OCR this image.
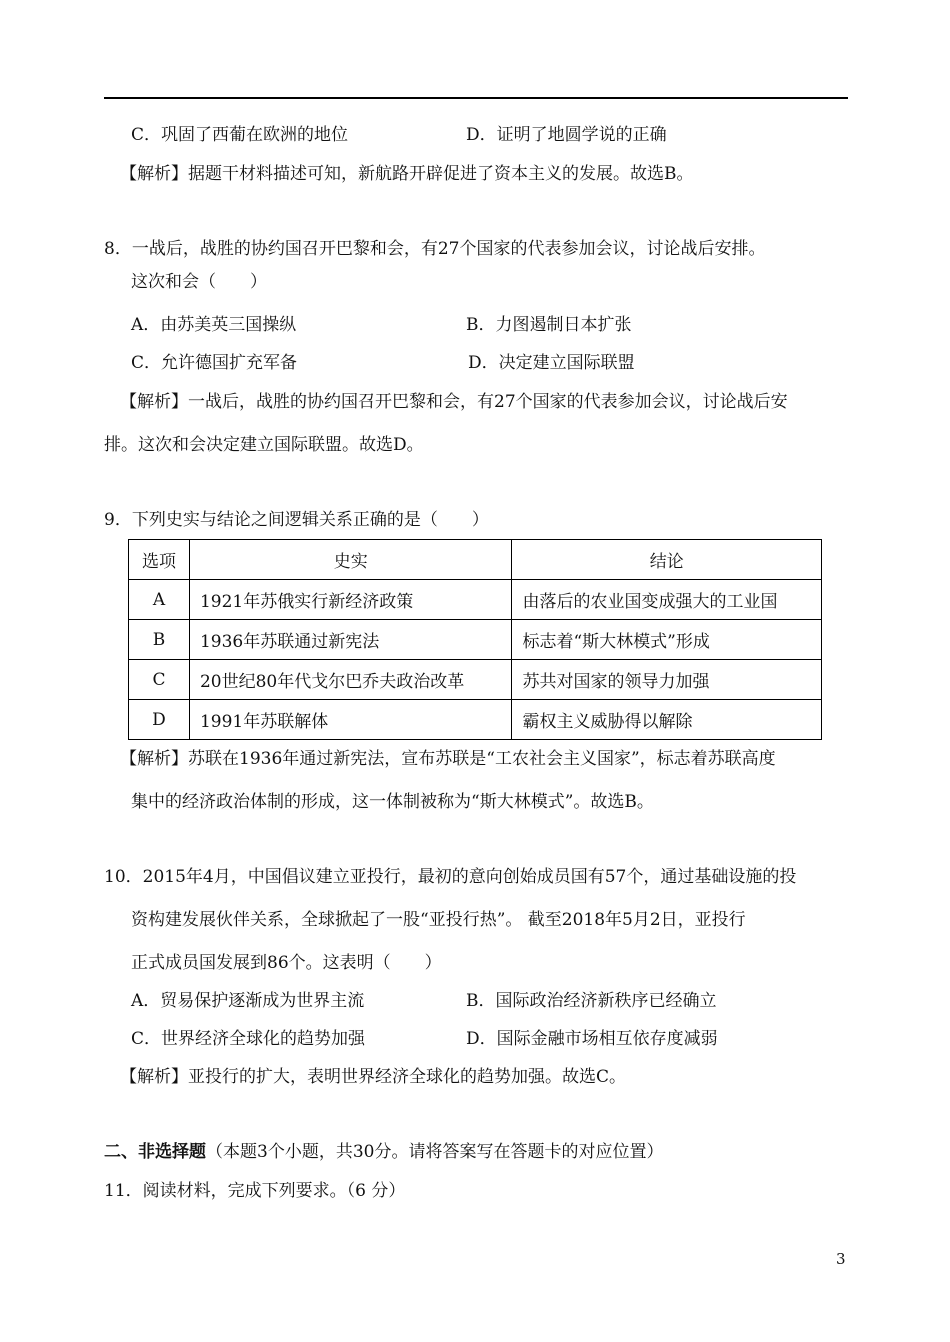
C．巩固了西葡在欧洲的地位	D．证明了地圆学说的正确
【解析】据题干材料描述可知，新航路开辟促进了资本主义的发展。故选B。
8．一战后，战胜的协约国召开巴黎和会，有27个国家的代表参加会议，讨论战后安排。
这次和会（　　）
A．由苏美英三国操纵	B．力图遏制日本扩张
C．允许德国扩充军备	D．决定建立国际联盟
【解析】一战后，战胜的协约国召开巴黎和会，有27个国家的代表参加会议，讨论战后安
排。这次和会决定建立国际联盟。故选D。
9．下列史实与结论之间逻辑关系正确的是（　　）
选项	史实	结论
A	1921年苏俄实行新经济政策	由落后的农业国变成强大的工业国
B	1936年苏联通过新宪法	标志着“斯大林模式”形成
C	20世纪80年代戈尔巴乔夫政治改革	苏共对国家的领导力加强
D	1991年苏联解体	霸权主义威胁得以解除
【解析】苏联在1936年通过新宪法，宣布苏联是“工农社会主义国家”，标志着苏联高度
集中的经济政治体制的形成，这一体制被称为“斯大林模式”。故选B。
10．2015年4月，中国倡议建立亚投行，最初的意向创始成员国有57个，通过基础设施的投
资构建发展伙伴关系，全球掀起了一股“亚投行热”。 截至2018年5月2日，亚投行
正式成员国发展到86个。这表明（　　）
A．贸易保护逐渐成为世界主流	B．国际政治经济新秩序已经确立
C．世界经济全球化的趋势加强	D．国际金融市场相互依存度减弱
【解析】亚投行的扩大，表明世界经济全球化的趋势加强。故选C。
二、非选择题（本题3个小题，共30分。请将答案写在答题卡的对应位置）
11．阅读材料，完成下列要求。（6 分）
3
